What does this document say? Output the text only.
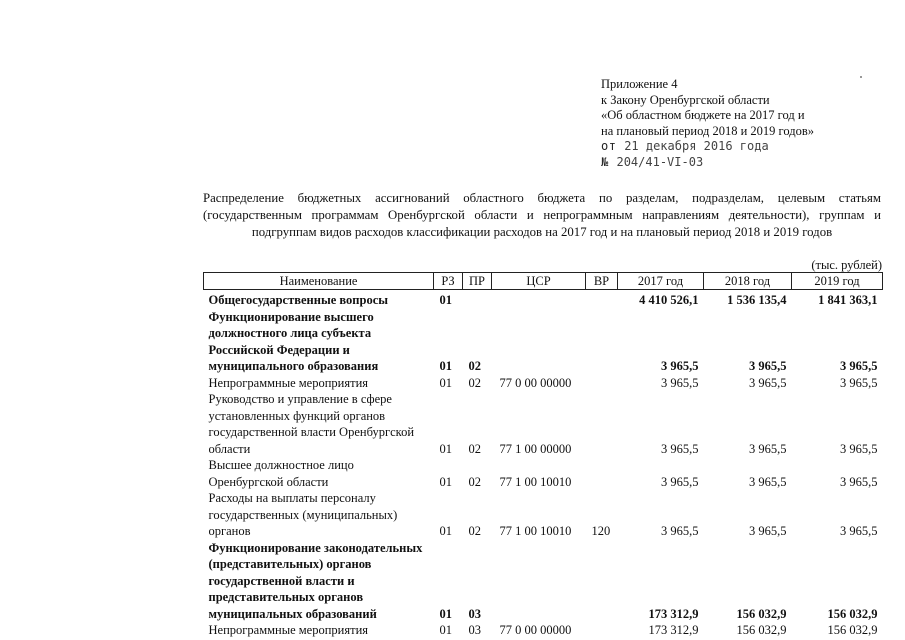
Приложение 4
к Закону Оренбургской области
«Об областном бюджете на 2017 год и
на плановый период 2018 и 2019 годов»
от 21 декабря 2016 года
№ 204/41-VI-03
Распределение бюджетных ассигнований областного бюджета по разделам, подразделам, целевым статьям (государственным программам Оренбургской области и непрограммным направлениям деятельности), группам и подгруппам видов расходов классификации расходов на 2017 год и на плановый период 2018 и 2019 годов
(тыс. рублей)
Наименование	РЗ	ПР	ЦСР	ВР	2017 год	2018 год	2019 год
Общегосударственные вопросы	01				4 410 526,1	1 536 135,4	1 841 363,1
Функционирование высшего должностного лица субъекта Российской Федерации и муниципального образования	01	02			3 965,5	3 965,5	3 965,5
Непрограммные мероприятия	01	02	77 0 00 00000		3 965,5	3 965,5	3 965,5
Руководство и управление в сфере установленных функций органов государственной власти Оренбургской области	01	02	77 1 00 00000		3 965,5	3 965,5	3 965,5
Высшее должностное лицо Оренбургской области	01	02	77 1 00 10010		3 965,5	3 965,5	3 965,5
Расходы на выплаты персоналу государственных (муниципальных) органов	01	02	77 1 00 10010	120	3 965,5	3 965,5	3 965,5
Функционирование законодательных (представительных) органов государственной власти и представительных органов муниципальных образований	01	03			173 312,9	156 032,9	156 032,9
Непрограммные мероприятия	01	03	77 0 00 00000		173 312,9	156 032,9	156 032,9
